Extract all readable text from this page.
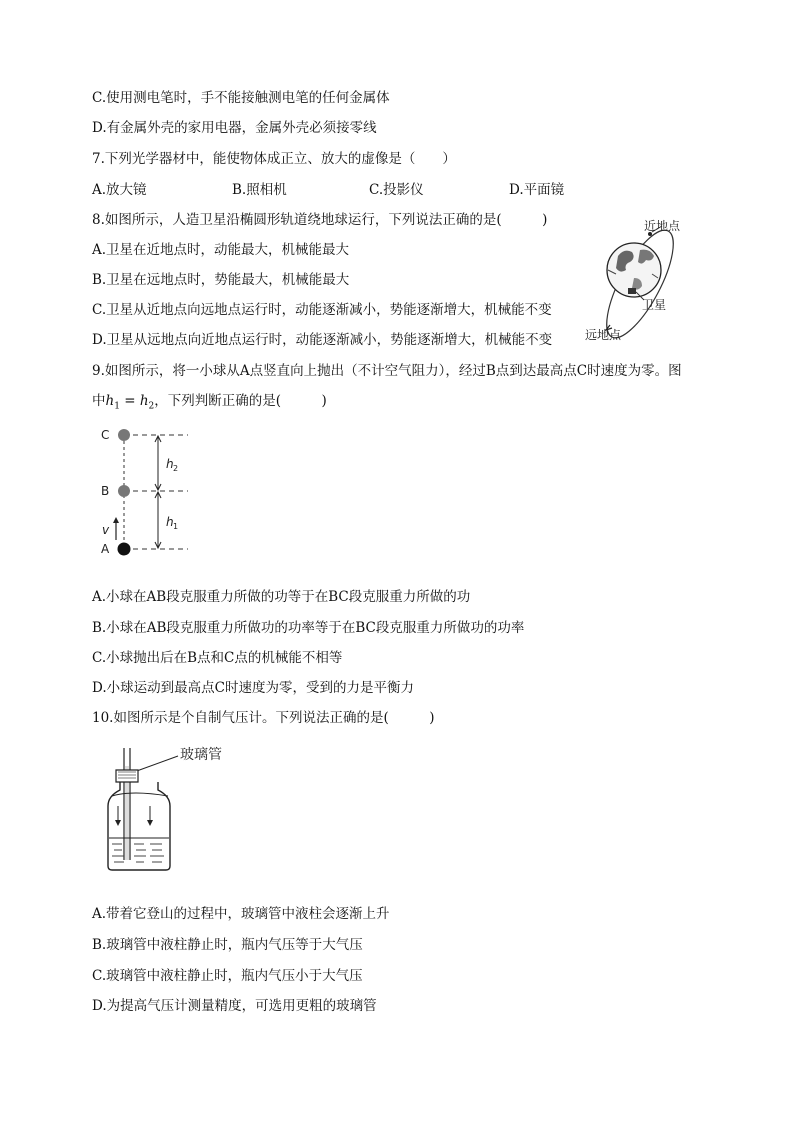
C.使用测电笔时，手不能接触测电笔的任何金属体
D.有金属外壳的家用电器，金属外壳必须接零线
7.下列光学器材中，能使物体成正立、放大的虚像是（　　）
A.放大镜	B.照相机	C.投影仪	D.平面镜
8.如图所示，人造卫星沿椭圆形轨道绕地球运行，下列说法正确的是(　　　)
A.卫星在近地点时，动能最大，机械能最大
B.卫星在远地点时，势能最大，机械能最大
C.卫星从近地点向远地点运行时，动能逐渐减小，势能逐渐增大，机械能不变
D.卫星从远地点向近地点运行时，动能逐渐减小，势能逐渐增大，机械能不变
近地点
卫星
远地点
9.如图所示，将一小球从A点竖直向上抛出（不计空气阻力），经过B点到达最高点C时速度为零。图
中$h_1 = h_2$，下列判断正确的是(　　　)
C
B
A
v
h 2
h 1
A.小球在AB段克服重力所做的功等于在BC段克服重力所做的功
B.小球在AB段克服重力所做功的功率等于在BC段克服重力所做功的功率
C.小球抛出后在B点和C点的机械能不相等
D.小球运动到最高点C时速度为零，受到的力是平衡力
10.如图所示是个自制气压计。下列说法正确的是(　　　)
玻璃管
A.带着它登山的过程中，玻璃管中液柱会逐渐上升
B.玻璃管中液柱静止时，瓶内气压等于大气压
C.玻璃管中液柱静止时，瓶内气压小于大气压
D.为提高气压计测量精度，可选用更粗的玻璃管
